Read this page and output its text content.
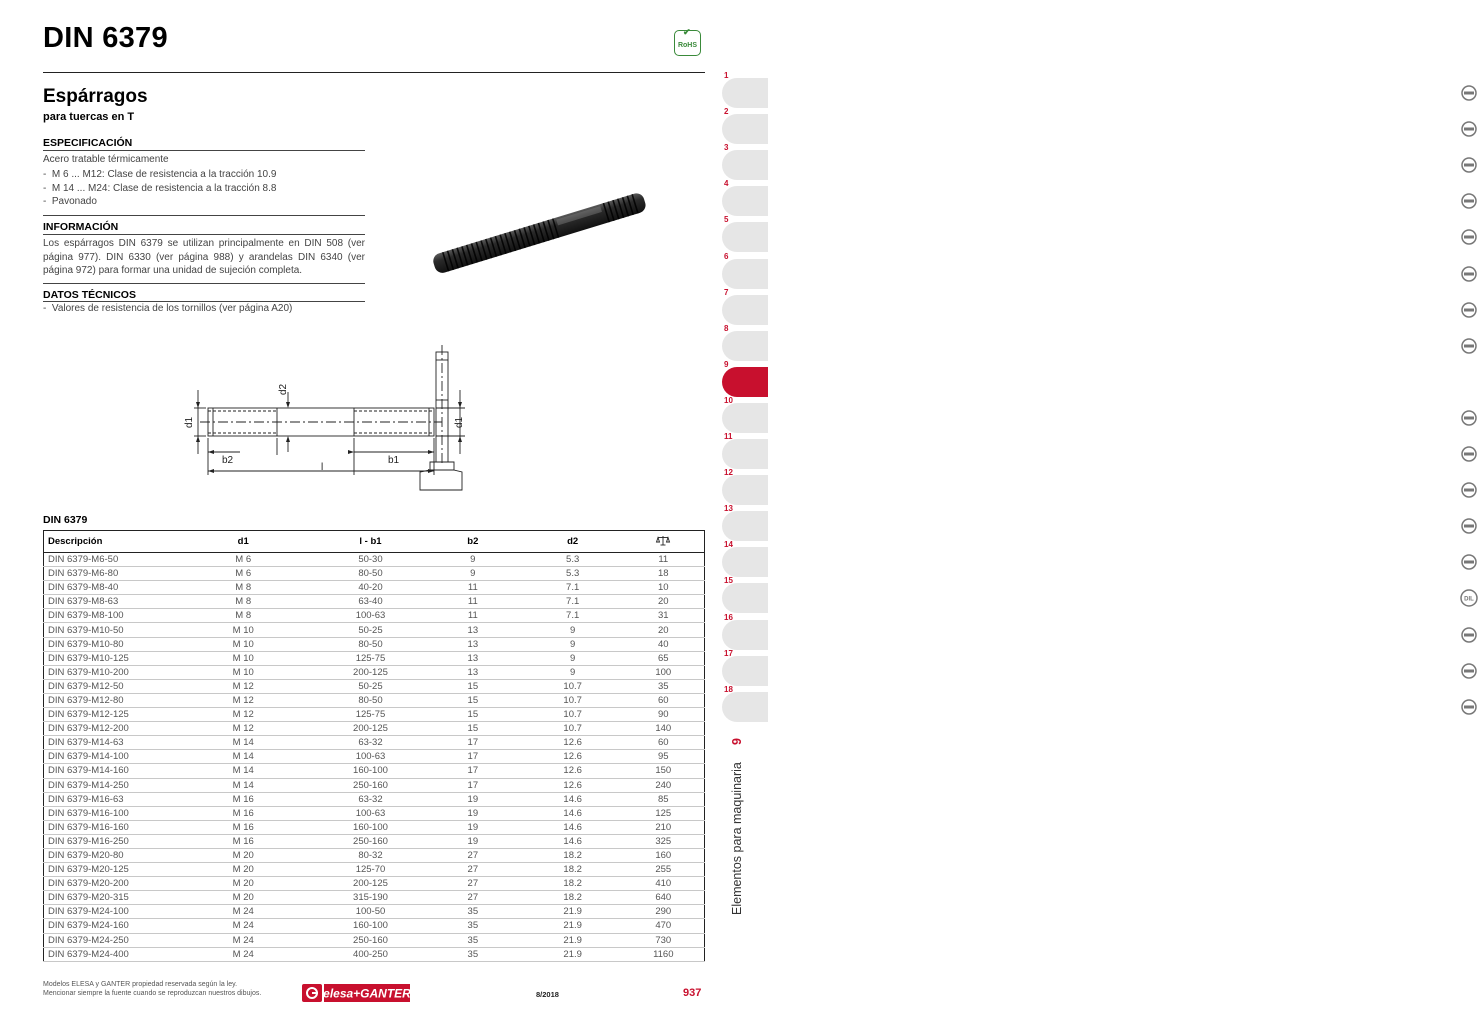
DIN 6379	✔
RoHS
Espárragos
para tuercas en T
ESPECIFICACIÓN
Acero tratable térmicamente
-  M 6 ... M12: Clase de resistencia a la tracción 10.9
-  M 14 ... M24: Clase de resistencia a la tracción 8.8
-  Pavonado
INFORMACIÓN
Los espárragos DIN 6379 se utilizan principalmente en DIN 508 (ver página 977). DIN 6330 (ver página 988) y arandelas DIN 6340 (ver página 972) para formar una unidad de sujeción completa.
DATOS TÉCNICOS
-  Valores de resistencia de los tornillos (ver página A20)
d1	d1
d2
b2	b1
l
DIN 6379
Descripción	d1	l - b1	b2	d2	
DIN 6379-M6-50	M 6	50-30	9	5.3	11
DIN 6379-M6-80	M 6	80-50	9	5.3	18
DIN 6379-M8-40	M 8	40-20	11	7.1	10
DIN 6379-M8-63	M 8	63-40	11	7.1	20
DIN 6379-M8-100	M 8	100-63	11	7.1	31
DIN 6379-M10-50	M 10	50-25	13	9	20
DIN 6379-M10-80	M 10	80-50	13	9	40
DIN 6379-M10-125	M 10	125-75	13	9	65
DIN 6379-M10-200	M 10	200-125	13	9	100
DIN 6379-M12-50	M 12	50-25	15	10.7	35
DIN 6379-M12-80	M 12	80-50	15	10.7	60
DIN 6379-M12-125	M 12	125-75	15	10.7	90
DIN 6379-M12-200	M 12	200-125	15	10.7	140
DIN 6379-M14-63	M 14	63-32	17	12.6	60
DIN 6379-M14-100	M 14	100-63	17	12.6	95
DIN 6379-M14-160	M 14	160-100	17	12.6	150
DIN 6379-M14-250	M 14	250-160	17	12.6	240
DIN 6379-M16-63	M 16	63-32	19	14.6	85
DIN 6379-M16-100	M 16	100-63	19	14.6	125
DIN 6379-M16-160	M 16	160-100	19	14.6	210
DIN 6379-M16-250	M 16	250-160	19	14.6	325
DIN 6379-M20-80	M 20	80-32	27	18.2	160
DIN 6379-M20-125	M 20	125-70	27	18.2	255
DIN 6379-M20-200	M 20	200-125	27	18.2	410
DIN 6379-M20-315	M 20	315-190	27	18.2	640
DIN 6379-M24-100	M 24	100-50	35	21.9	290
DIN 6379-M24-160	M 24	160-100	35	21.9	470
DIN 6379-M24-250	M 24	250-160	35	21.9	730
DIN 6379-M24-400	M 24	400-250	35	21.9	1160
Modelos ELESA y GANTER propiedad reservada según la ley.
Mencionar siempre la fuente cuando se reproduzcan nuestros dibujos.	elesa+GANTER	8/2018	937
1
2
3
4
5
6
7
8
9
10
11
12
13
14
DIL
15
16
17
18
9
Elementos para maquinaria
